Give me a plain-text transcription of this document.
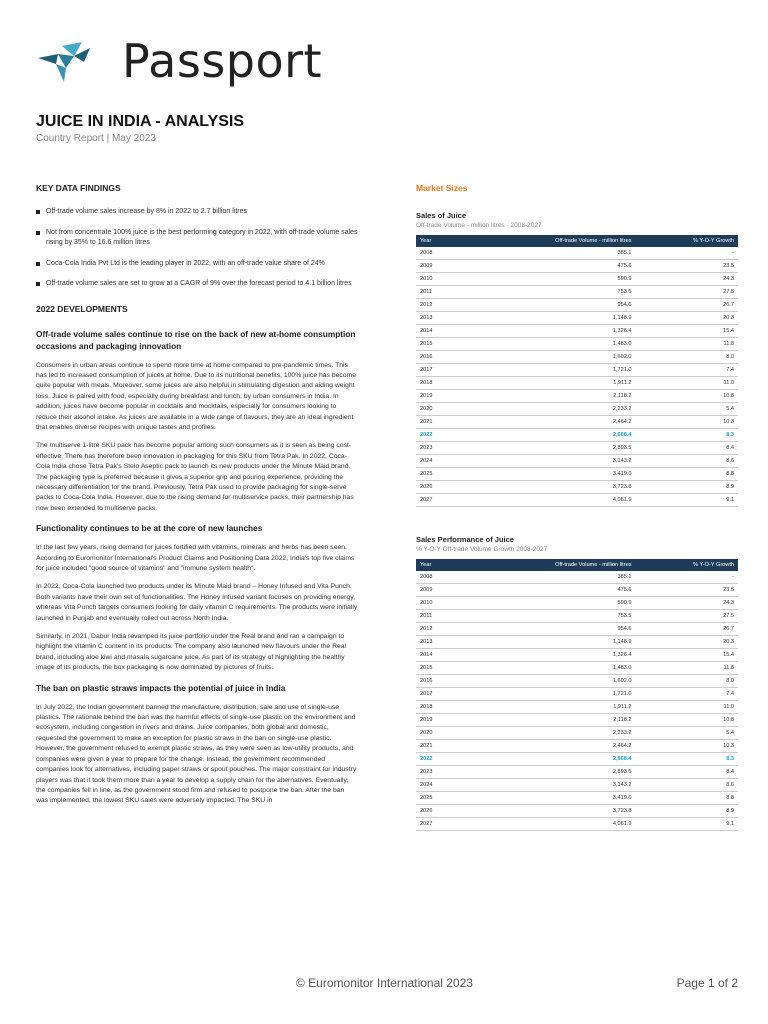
Passport
JUICE IN INDIA - ANALYSIS
Country Report | May 2023
KEY DATA FINDINGS
Off-trade volume sales increase by 8% in 2022 to 2.7 billion litres
Not from concentrate 100% juice is the best performing category in 2022, with off-trade volume sales rising by 35% to 16.6 million litres
Coca-Cola India Pvt Ltd is the leading player in 2022, with an off-trade value share of 24%
Off-trade volume sales are set to grow at a CAGR of 9% over the forecast period to 4.1 billion litres
2022 DEVELOPMENTS
Off-trade volume sales continue to rise on the back of new at-home consumption occasions and packaging innovation

Consumers in urban areas continue to spend more time at home compared to pre-pandemic times. This has led to increased consumption of juices at home. Due to its nutritional benefits, 100% juice has become quite popular with meals. Moreover, some juices are also helpful in stimulating digestion and aiding weight loss. Juice is paired with food, especially during breakfast and lunch, by urban consumers in India. In addition, juices have become popular in cocktails and mocktails, especially for consumers looking to reduce their alcohol intake. As juices are available in a wide range of flavours, they are an ideal ingredient that enables diverse recipes with unique tastes and profiles.

The multiserve 1-litre SKU pack has become popular among such consumers as it is seen as being cost-effective. There has therefore been innovation in packaging for this SKU from Tetra Pak. In 2022, Coca-Cola India chose Tetra Pak's Stelo Aseptic pack to launch its new products under the Minute Maid brand. The packaging type is preferred because it gives a superior grip and pouring experience, providing the necessary differentiation for the brand. Previously, Tetra Pak used to provide packaging for single-serve packs to Coca-Cola India. However, due to the rising demand for multiservice packs, their partnership has now been extended to multiserve packs.

Functionality continues to be at the core of new launches

In the last few years, rising demand for juices fortified with vitamins, minerals and herbs has been seen. According to Euromonitor International's Product Claims and Positioning Data 2022, India's top five claims for juice included "good source of vitamins" and "immune system health".

In 2022, Coca-Cola launched two products under its Minute Maid brand – Honey Infused and Vita Punch. Both variants have their own set of functionalities. The Honey Infused variant focuses on providing energy, whereas Vita Punch targets consumers looking for daily vitamin C requirements. The products were initially launched in Punjab and eventually rolled out across North India.

Similarly, in 2021, Dabur India revamped its juice portfolio under the Real brand and ran a campaign to highlight the vitamin C content in its products. The company also launched new flavours under the Real brand, including aloe kiwi and masala sugarcane juice. As part of its strategy of highlighting the healthy image of its products, the box packaging is now dominated by pictures of fruits.

The ban on plastic straws impacts the potential of juice in India

In July 2022, the Indian government banned the manufacture, distribution, sale and use of single-use plastics. The rationale behind the ban was the harmful effects of single-use plastic on the environment and ecosystem, including congestion in rivers and drains. Juice companies, both global and domestic, requested the government to make an exception for plastic straws in the ban on single-use plastic. However, the government refused to exempt plastic straws, as they were seen as low-utility products, and companies were given a year to prepare for the change. Instead, the government recommended companies look for alternatives, including paper straws or spout pouches. The major constraint for industry players was that it took them more than a year to develop a supply chain for the alternatives. Eventually, the companies fell in line, as the government stood firm and refused to postpone the ban. After the ban was implemented, the lowest SKU sales were adversely impacted. The SKU in

Market Sizes
Sales of Juice
Off-trade Volume - million litres - 2008-2027
Year	Off-trade Volume - million litres	% Y-O-Y Growth
2008	385.1	-
2009	475.6	23.5
2010	590.9	24.3
2011	753.5	27.5
2012	954.6	26.7
2013	1,148.9	20.3
2014	1,326.4	15.4
2015	1,483.0	11.8
2016	1,602.0	8.0
2017	1,721.0	7.4
2018	1,911.2	11.0
2019	2,118.2	10.8
2020	2,233.2	5.4
2021	2,464.2	10.3
2022	2,668.4	8.3
2023	2,893.5	8.4
2024	3,143.2	8.6
2025	3,419.0	8.8
2026	3,723.8	8.9
2027	4,061.9	9.1
Sales Performance of Juice
% Y-O-Y Off-trade Volume Growth 2008-2027
Year	Off-trade Volume - million litres	% Y-O-Y Growth
2008	385.1	-
2009	475.6	23.5
2010	590.9	24.3
2011	753.5	27.5
2012	954.6	26.7
2013	1,148.9	20.3
2014	1,326.4	15.4
2015	1,483.0	11.8
2016	1,602.0	8.0
2017	1,721.0	7.4
2018	1,911.2	11.0
2019	2,118.2	10.8
2020	2,233.2	5.4
2021	2,464.2	10.3
2022	2,668.4	8.3
2023	2,893.5	8.4
2024	3,143.2	8.6
2025	3,419.0	8.8
2026	3,723.8	8.9
2027	4,061.9	9.1
© Euromonitor International 2023	Page 1 of 2
